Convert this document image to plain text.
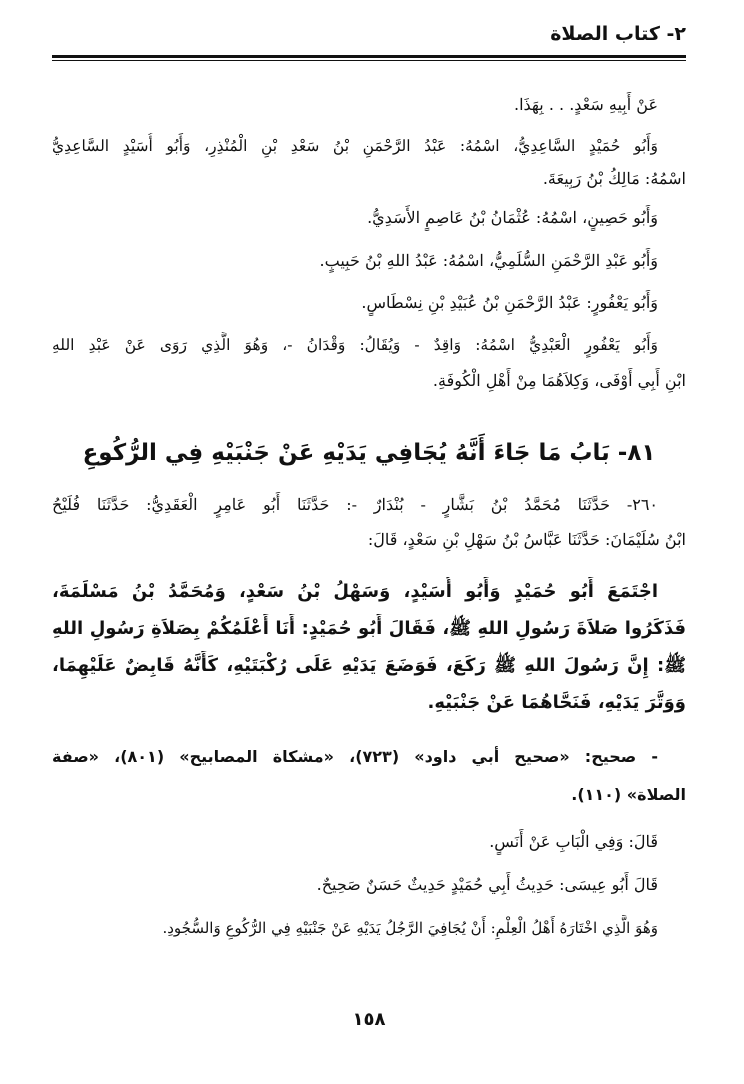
٢- كتاب الصلاة
عَنْ أَبِيهِ سَعْدٍ. . . بِهَذَا.
وَأَبُو حُمَيْدٍ السَّاعِدِيُّ، اسْمُهُ: عَبْدُ الرَّحْمَنِ بْنُ سَعْدِ بْنِ الْمُنْذِرِ، وَأَبُو أُسَيْدٍ السَّاعِدِيُّ
اسْمُهُ: مَالِكُ بْنُ رَبِيعَةَ.
وَأَبُو حَصِينٍ، اسْمُهُ: عُثْمَانُ بْنُ عَاصِمٍ الأَسَدِيُّ.
وَأَبُو عَبْدِ الرَّحْمَنِ السُّلَمِيُّ، اسْمُهُ: عَبْدُ اللهِ بْنُ حَبِيبٍ.
وَأَبُو يَعْفُورٍ: عَبْدُ الرَّحْمَنِ بْنُ عُبَيْدِ بْنِ نِسْطَاسٍ.
وَأَبُو يَعْفُورٍ الْعَبْدِيُّ اسْمُهُ: وَاقِدٌ - وَيُقَالُ: وَقْدَانُ -، وَهُوَ الَّذِي رَوَى عَنْ عَبْدِ اللهِ
ابْنِ أَبِي أَوْفَى، وَكِلاَهُمَا مِنْ أَهْلِ الْكُوفَةِ.
٨١- بَابُ مَا جَاءَ أَنَّهُ يُجَافِي يَدَيْهِ عَنْ جَنْبَيْهِ فِي الرُّكُوعِ
٢٦٠- حَدَّثَنَا مُحَمَّدُ بْنُ بَشَّارٍ - بُنْدَارٌ -: حَدَّثَنَا أَبُو عَامِرٍ الْعَقَدِيُّ: حَدَّثَنَا فُلَيْحُ
ابْنُ سُلَيْمَانَ: حَدَّثَنَا عَبَّاسُ بْنُ سَهْلِ بْنِ سَعْدٍ، قَالَ:
اجْتَمَعَ أَبُو حُمَيْدٍ وَأَبُو أُسَيْدٍ، وَسَهْلُ بْنُ سَعْدٍ، وَمُحَمَّدُ بْنُ مَسْلَمَةَ،
فَذَكَرُوا صَلاَةَ رَسُولِ اللهِ ﷺ، فَقَالَ أَبُو حُمَيْدٍ: أَنَا أَعْلَمُكُمْ بِصَلاَةِ رَسُولِ اللهِ
ﷺ: إِنَّ رَسُولَ اللهِ ﷺ رَكَعَ، فَوَضَعَ يَدَيْهِ عَلَى رُكْبَتَيْهِ، كَأَنَّهُ قَابِضٌ عَلَيْهِمَا،
وَوَتَّرَ يَدَيْهِ، فَنَحَّاهُمَا عَنْ جَنْبَيْهِ.
- صحيح: «صحيح أبي داود» (٧٢٣)، «مشكاة المصابيح» (٨٠١)، «صفة
الصلاة» (١١٠).
قَالَ: وَفِي الْبَابِ عَنْ أَنَسٍ.
قَالَ أَبُو عِيسَى: حَدِيثُ أَبِي حُمَيْدٍ حَدِيثٌ حَسَنٌ صَحِيحٌ.
وَهُوَ الَّذِي اخْتَارَهُ أَهْلُ الْعِلْمِ: أَنْ يُجَافِيَ الرَّجُلُ يَدَيْهِ عَنْ جَنْبَيْهِ فِي الرُّكُوعِ وَالسُّجُودِ.
١٥٨
